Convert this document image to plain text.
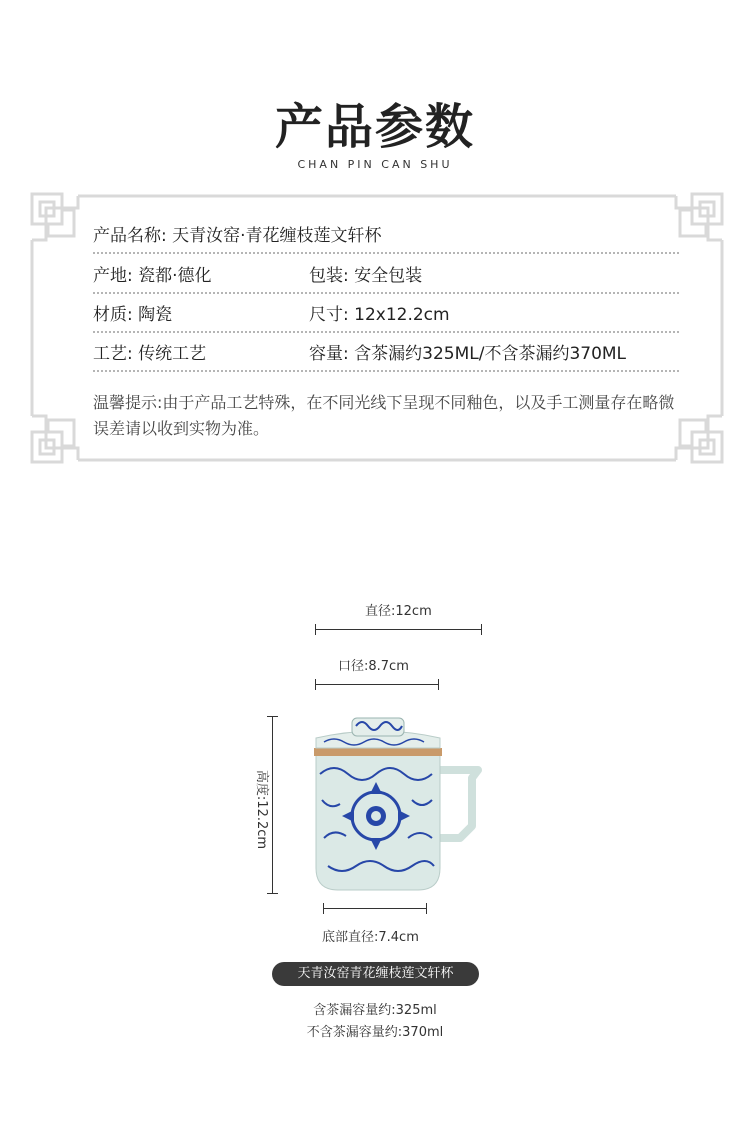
产品参数
CHAN PIN CAN SHU
产品名称: 天青汝窑·青花缠枝莲文轩杯
产地: 瓷都·德化	包装: 安全包装
材质: 陶瓷	尺寸: 12x12.2cm
工艺: 传统工艺	容量: 含茶漏约325ML/不含茶漏约370ML
温馨提示:由于产品工艺特殊，在不同光线下呈现不同釉色，以及手工测量存在略微误差请以收到实物为准。
直径:12cm
口径:8.7cm
高度:12.2cm
底部直径:7.4cm
天青汝窑青花缠枝莲文轩杯
含茶漏容量约:325ml
不含茶漏容量约:370ml
